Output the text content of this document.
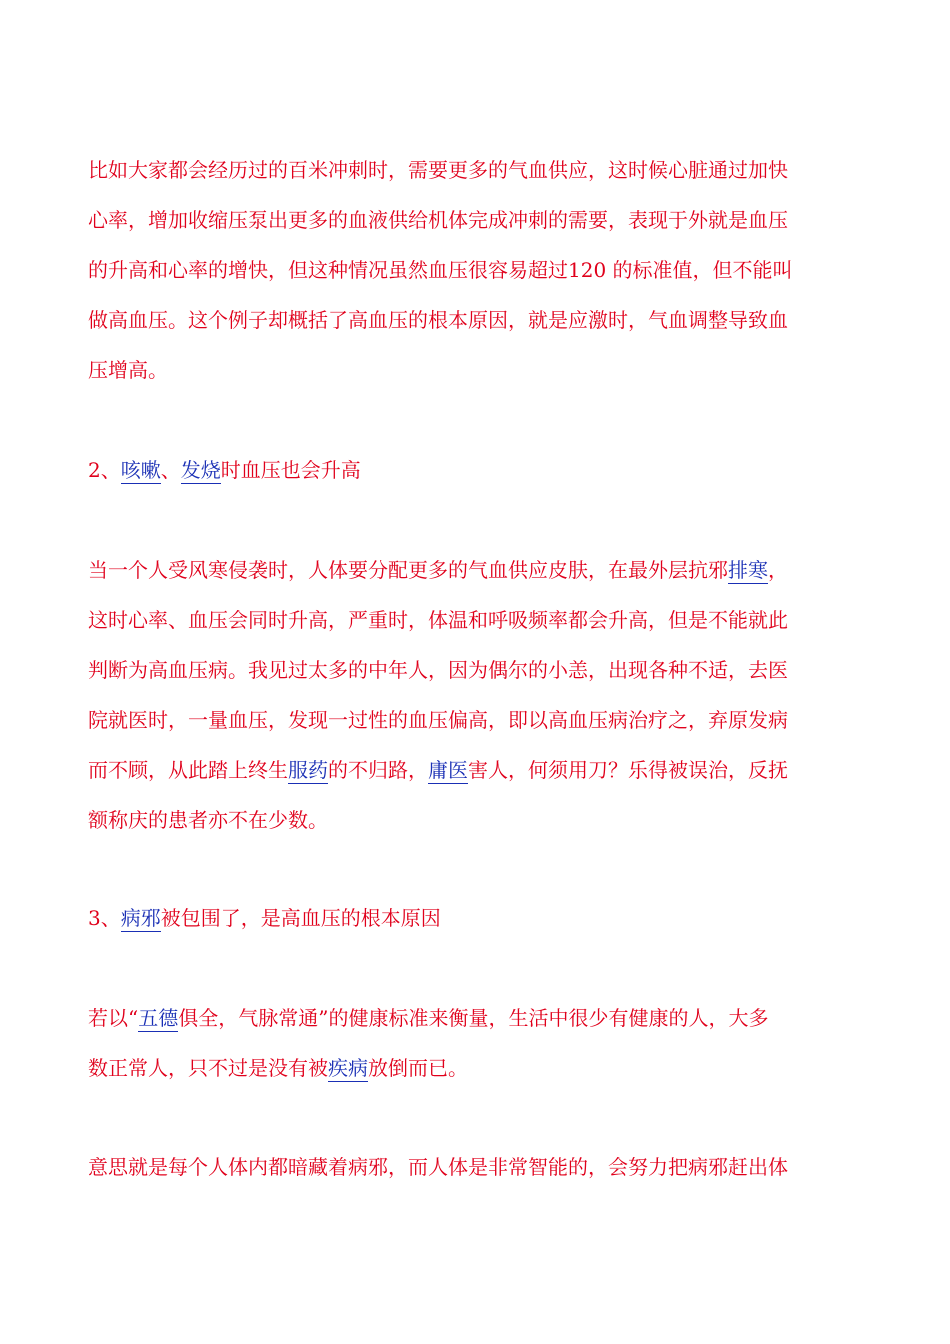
比如大家都会经历过的百米冲刺时，需要更多的气血供应，这时候心脏通过加快
心率，增加收缩压泵出更多的血液供给机体完成冲刺的需要，表现于外就是血压
的升高和心率的增快，但这种情况虽然血压很容易超过120 的标准值，但不能叫
做高血压。这个例子却概括了高血压的根本原因，就是应激时，气血调整导致血
压增高。
2、咳嗽、发烧时血压也会升高
当一个人受风寒侵袭时，人体要分配更多的气血供应皮肤，在最外层抗邪排寒，
这时心率、血压会同时升高，严重时，体温和呼吸频率都会升高，但是不能就此
判断为高血压病。我见过太多的中年人，因为偶尔的小恙，出现各种不适，去医
院就医时，一量血压，发现一过性的血压偏高，即以高血压病治疗之，弃原发病
而不顾，从此踏上终生服药的不归路，庸医害人，何须用刀？乐得被误治，反抚
额称庆的患者亦不在少数。
3、病邪被包围了，是高血压的根本原因
若以“五德俱全，气脉常通”的健康标准来衡量，生活中很少有健康的人，大多
数正常人，只不过是没有被疾病放倒而已。
意思就是每个人体内都暗藏着病邪，而人体是非常智能的，会努力把病邪赶出体
